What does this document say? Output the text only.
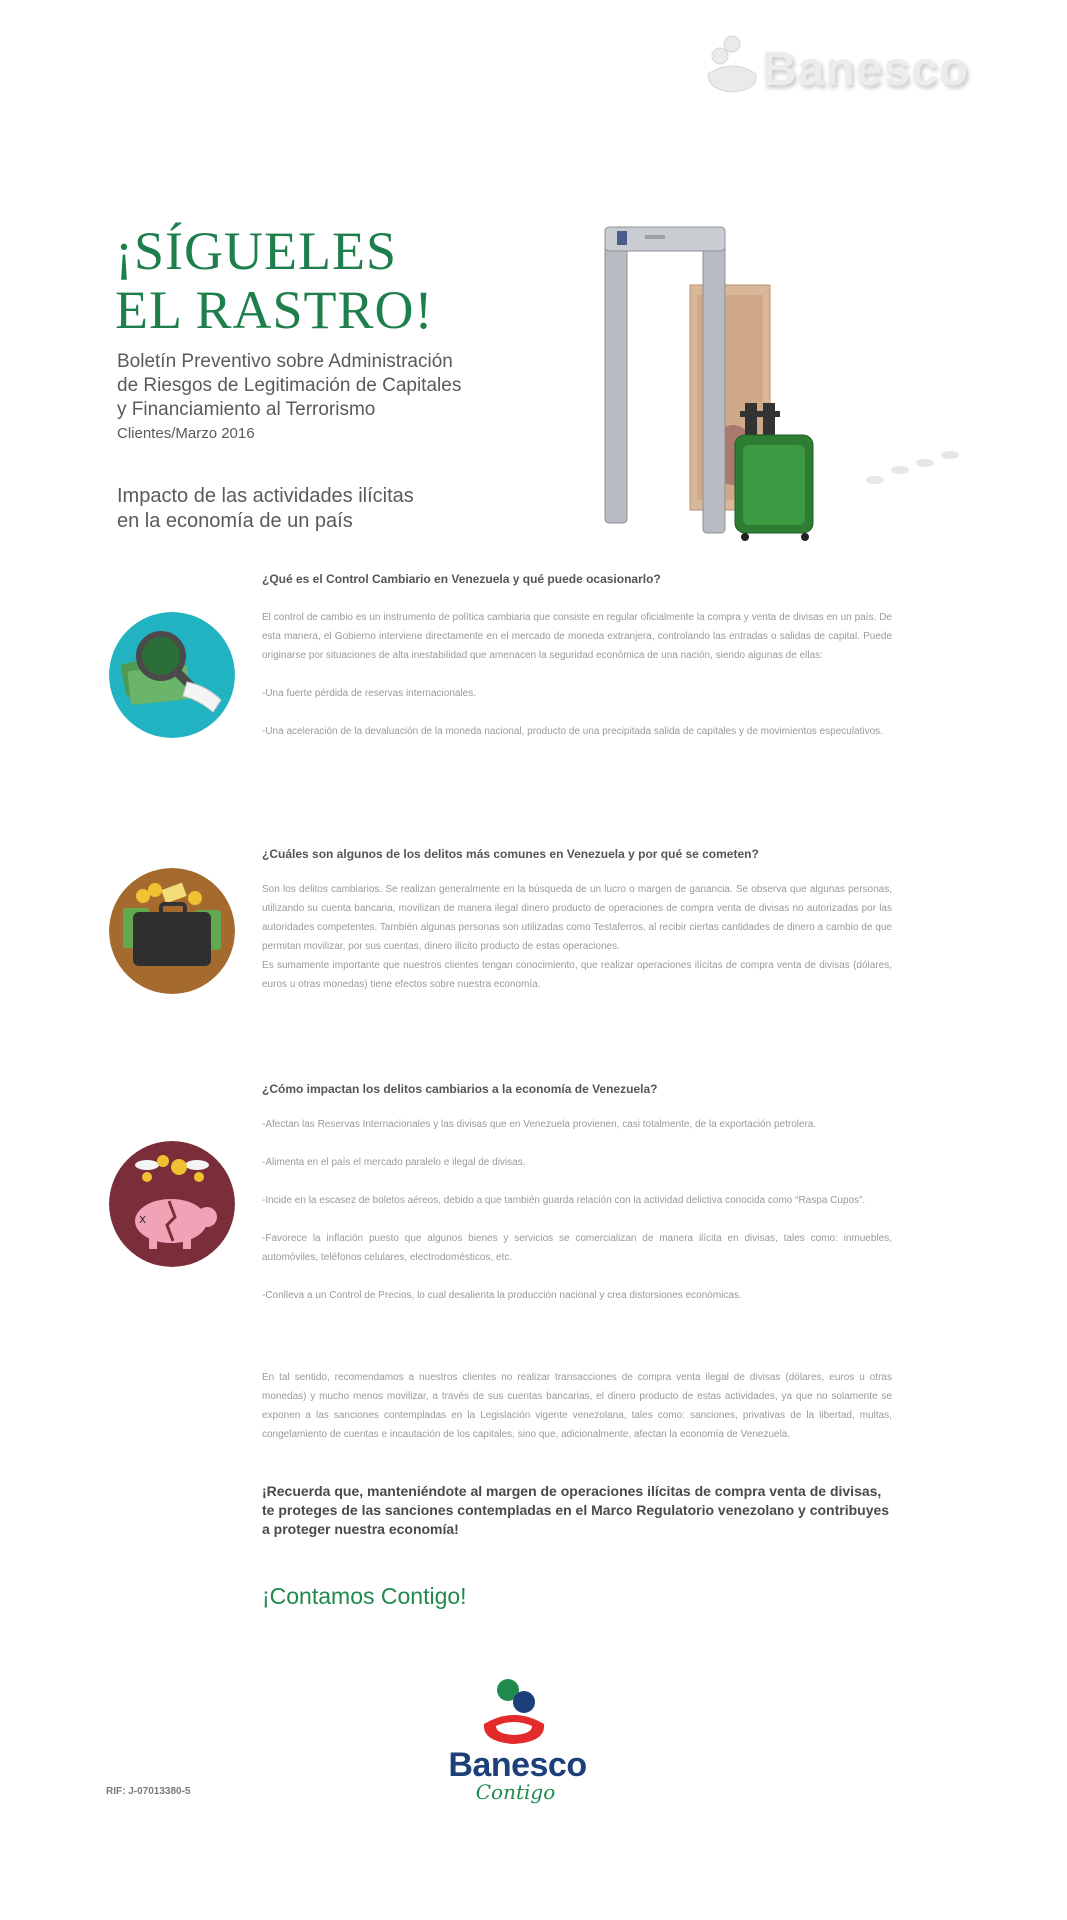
Banesco
¡SÍGUELES
EL RASTRO!
Boletín Preventivo sobre Administración
de Riesgos de Legitimación de Capitales
y Financiamiento al Terrorismo
Clientes/Marzo 2016
Impacto de las actividades ilícitas
en la economía de un país
¿Qué es el Control Cambiario en Venezuela y qué puede ocasionarlo?

El control de cambio es un instrumento de política cambiaria que consiste en regular oficialmente la compra y venta de divisas en un país. De esta manera, el Gobierno interviene directamente en el mercado de moneda extranjera, controlando las entradas o salidas de capital. Puede originarse por situaciones de alta inestabilidad que amenacen la seguridad económica de una nación, siendo algunas de ellas:

-Una fuerte pérdida de reservas internacionales.

-Una aceleración de la devaluación de la moneda nacional, producto de una precipitada salida de capitales y de movimientos especulativos.

¿Cuáles son algunos de los delitos más comunes en Venezuela y por qué se cometen?

Son los delitos cambiarios. Se realizan generalmente en la búsqueda de un lucro o margen de ganancia. Se observa que algunas personas, utilizando su cuenta bancaria, movilizan de manera ilegal dinero producto de operaciones de compra venta de divisas no autorizadas por las autoridades competentes. También algunas personas son utilizadas como Testaferros, al recibir ciertas cantidades de dinero a cambio de que permitan movilizar, por sus cuentas, dinero ilícito producto de estas operaciones.

Es sumamente importante que nuestros clientes tengan conocimiento, que realizar operaciones ilícitas de compra venta de divisas (dólares, euros u otras monedas) tiene efectos sobre nuestra economía.

¿Cómo impactan los delitos cambiarios a la economía de Venezuela?

-Afectan las Reservas Internacionales y las divisas que en Venezuela provienen, casi totalmente, de la exportación petrolera.

-Alimenta en el país el mercado paralelo e ilegal de divisas.

-Incide en la escasez de boletos aéreos, debido a que también guarda relación con la actividad delictiva conocida como “Raspa Cupos”.

-Favorece la inflación puesto que algunos bienes y servicios se comercializan de manera ilícita en divisas, tales como: inmuebles, automóviles, teléfonos celulares, electrodomésticos, etc.

-Conlleva a un Control de Precios, lo cual desalienta la producción nacional y crea distorsiones económicas.

x

En tal sentido, recomendamos a nuestros clientes no realizar transacciones de compra venta ilegal de divisas (dólares, euros u otras monedas) y mucho menos movilizar, a través de sus cuentas bancarias, el dinero producto de estas actividades, ya que no solamente se exponen a las sanciones contempladas en la Legislación vigente venezolana, tales como: sanciones, privativas de la libertad, multas, congelamiento de cuentas e incautación de los capitales, sino que, adicionalmente, afectan la economía de Venezuela.

¡Recuerda que, manteniéndote al margen de operaciones ilícitas de compra venta de divisas, te proteges de las sanciones contempladas en el Marco Regulatorio venezolano y contribuyes a proteger nuestra economía!
¡Contamos Contigo!
RIF: J-07013380-5
Banesco
Contigo
